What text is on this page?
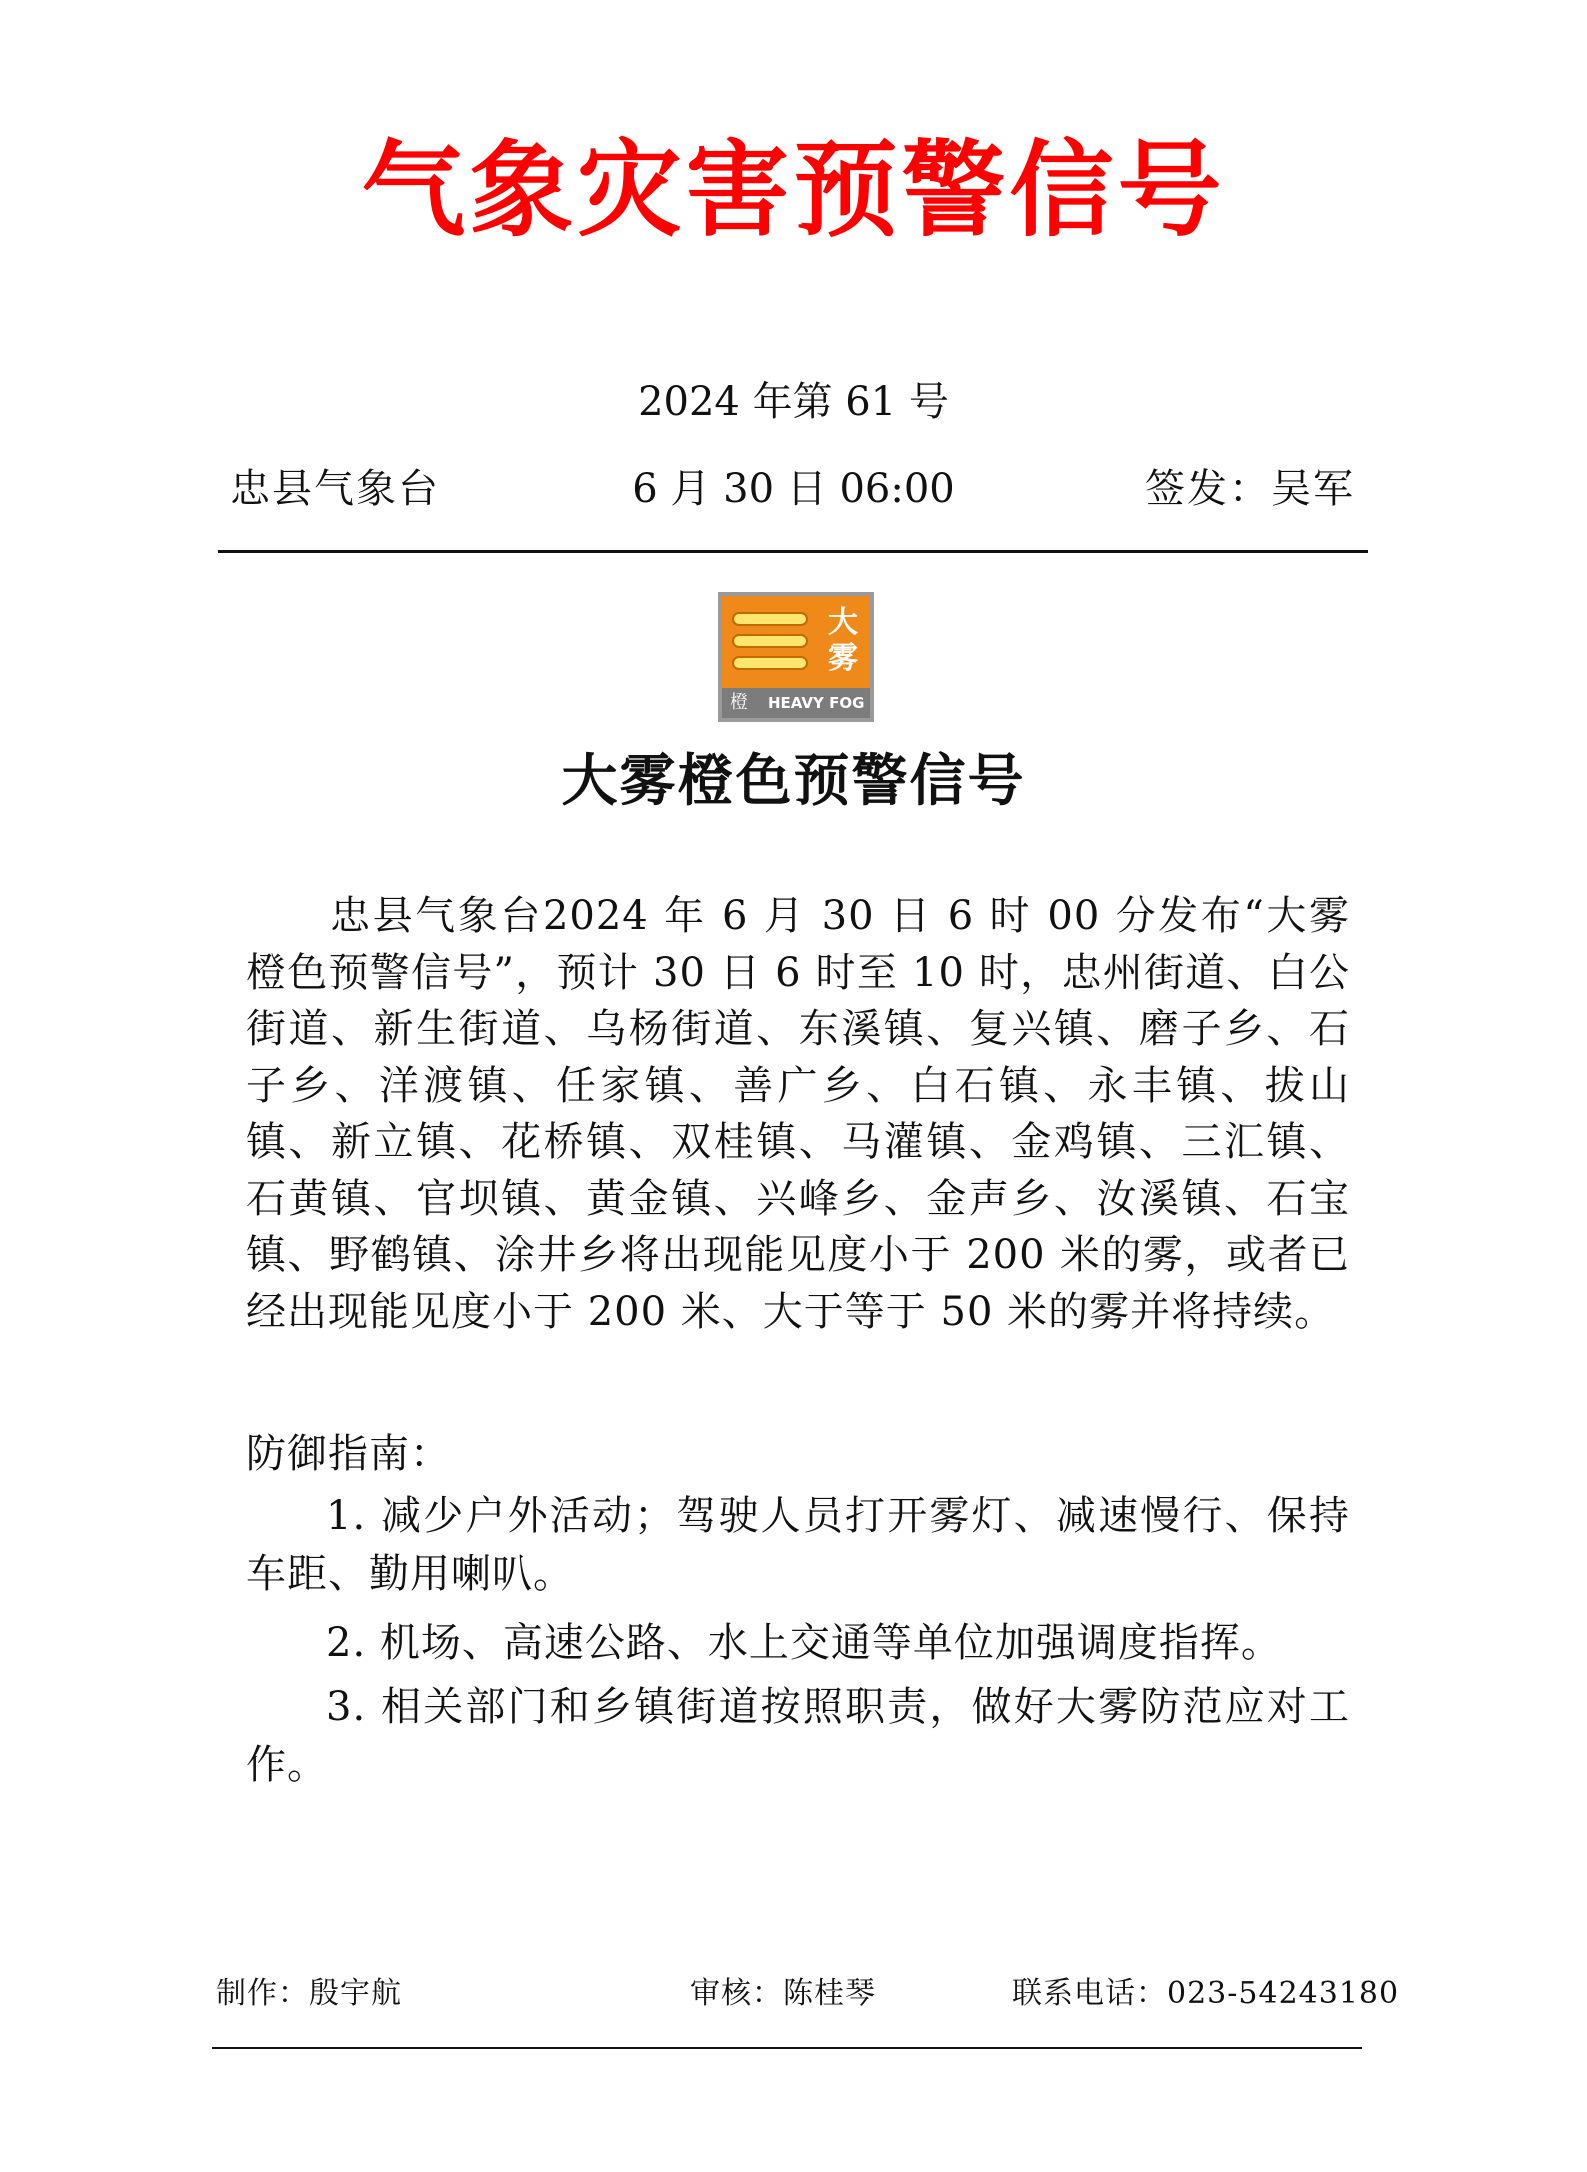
气象灾害预警信号
2024 年第 61 号
忠县气象台	6 月 30 日 06:00	签发：吴军
大
雾
橙 HEAVY FOG
大雾橙色预警信号

忠县气象台2024 年 6 月 30 日 6 时 00 分发布“大雾橙色预警信号”，预计 30 日 6 时至 10 时，忠州街道、白公街道、新生街道、乌杨街道、东溪镇、复兴镇、磨子乡、石子乡、洋渡镇、任家镇、善广乡、白石镇、永丰镇、拔山镇、新立镇、花桥镇、双桂镇、马灌镇、金鸡镇、三汇镇、石黄镇、官坝镇、黄金镇、兴峰乡、金声乡、汝溪镇、石宝镇、野鹤镇、涂井乡将出现能见度小于 200 米的雾，或者已经出现能见度小于 200 米、大于等于 50 米的雾并将持续。

防御指南：

1. 减少户外活动；驾驶人员打开雾灯、减速慢行、保持车距、勤用喇叭。

2. 机场、高速公路、水上交通等单位加强调度指挥。

3. 相关部门和乡镇街道按照职责，做好大雾防范应对工作。

制作：殷宇航	审核：陈桂琴	联系电话：023-54243180
